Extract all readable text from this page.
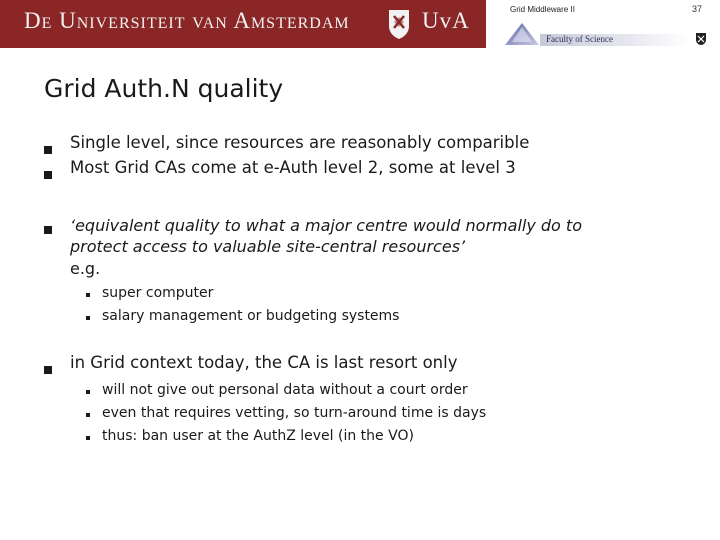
De Universiteit van Amsterdam	UvA	Grid Middleware II	37
Faculty of Science
Grid Auth.N quality
Single level, since resources are reasonably comparible
Most Grid CAs come at e-Auth level 2, some at level 3
‘equivalent quality to what a major centre would normally do to
protect access to valuable site-central resources’
e.g.
super computer
salary management or budgeting systems
in Grid context today, the CA is last resort only
will not give out personal data without a court order
even that requires vetting, so turn-around time is days
thus: ban user at the AuthZ level (in the VO)
